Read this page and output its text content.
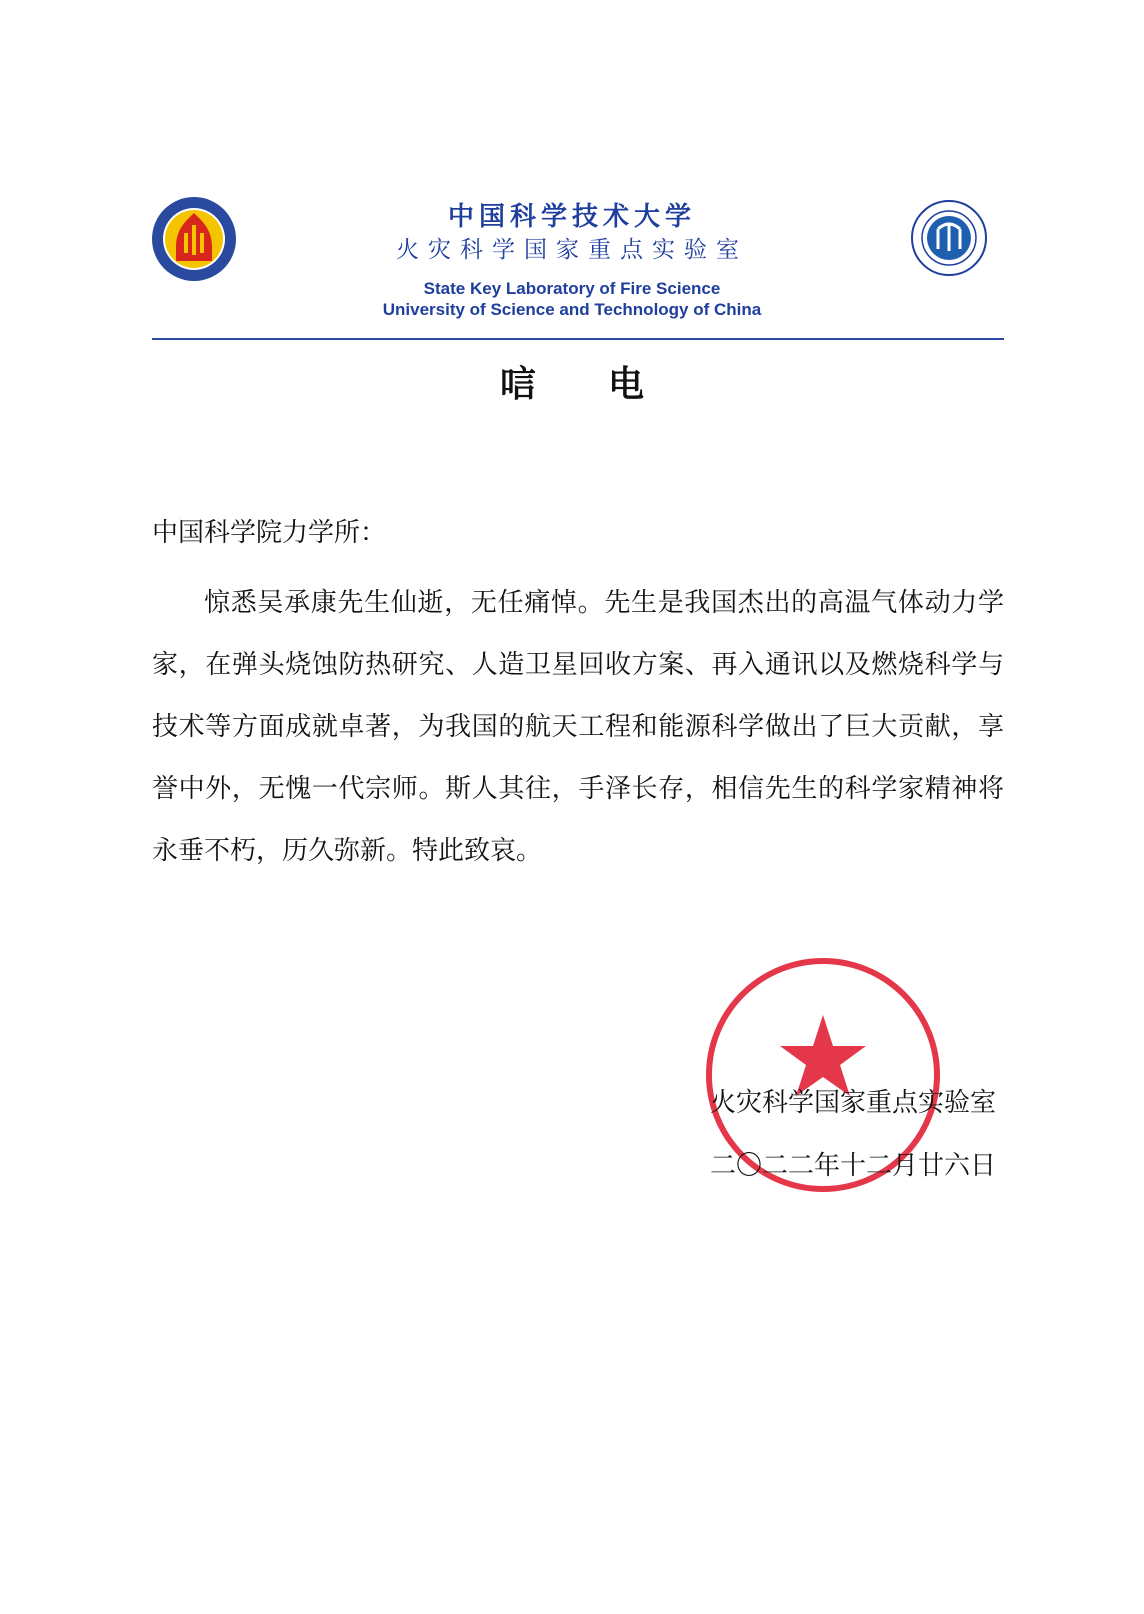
中国科学技术大学
火灾科学国家重点实验室
State Key Laboratory of Fire Science
University of Science and Technology of China
唁电
中国科学院力学所：

惊悉吴承康先生仙逝，无任痛悼。先生是我国杰出的高温气体动力学家，在弹头烧蚀防热研究、人造卫星回收方案、再入通讯以及燃烧科学与技术等方面成就卓著，为我国的航天工程和能源科学做出了巨大贡献，享誉中外，无愧一代宗师。斯人其往，手泽长存，相信先生的科学家精神将永垂不朽，历久弥新。特此致哀。

火灾科学国家重点实验室
二〇二二年十二月廿六日
